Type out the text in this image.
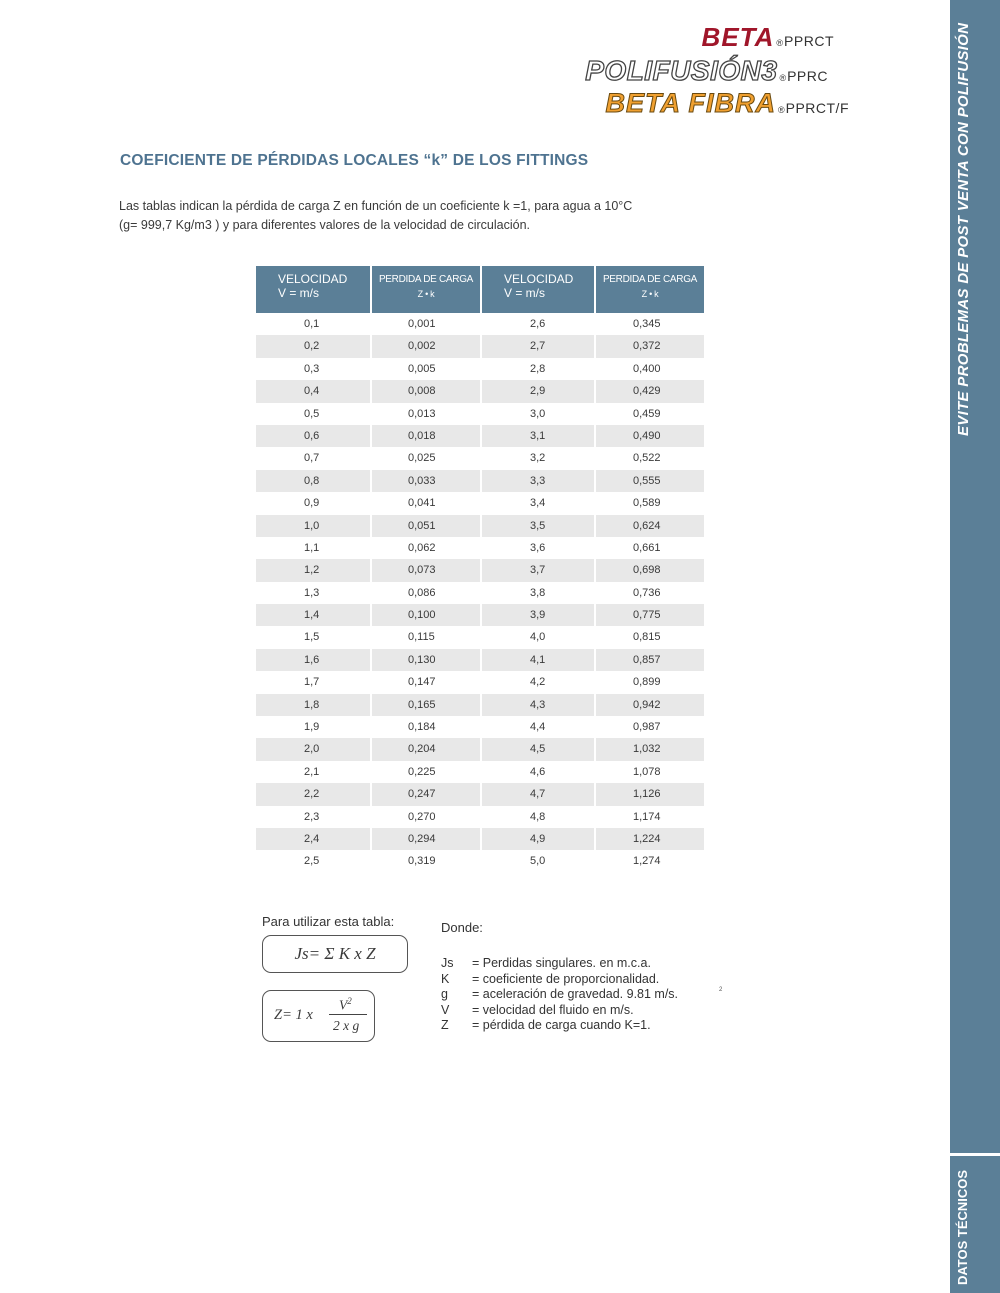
EVITE PROBLEMAS DE POST VENTA CON POLIFUSIÓN
DATOS TÉCNICOS
BETA ® PPRCT
POLIFUSIÓN3 ® PPRC
BETA FIBRA ® PPRCT/F
COEFICIENTE DE PÉRDIDAS LOCALES “k” DE LOS FITTINGS

Las tablas indican la pérdida de carga Z en función de un coeficiente k =1, para agua a 10°C

(g= 999,7 Kg/m3 ) y para diferentes valores de la velocidad de circulación.

VELOCIDAD
V = m/s
PERDIDA DE CARGA
Z • k
VELOCIDAD
V = m/s
PERDIDA DE CARGA
Z • k
0,1	0,001	2,6	0,345
0,2	0,002	2,7	0,372
0,3	0,005	2,8	0,400
0,4	0,008	2,9	0,429
0,5	0,013	3,0	0,459
0,6	0,018	3,1	0,490
0,7	0,025	3,2	0,522
0,8	0,033	3,3	0,555
0,9	0,041	3,4	0,589
1,0	0,051	3,5	0,624
1,1	0,062	3,6	0,661
1,2	0,073	3,7	0,698
1,3	0,086	3,8	0,736
1,4	0,100	3,9	0,775
1,5	0,115	4,0	0,815
1,6	0,130	4,1	0,857
1,7	0,147	4,2	0,899
1,8	0,165	4,3	0,942
1,9	0,184	4,4	0,987
2,0	0,204	4,5	1,032
2,1	0,225	4,6	1,078
2,2	0,247	4,7	1,126
2,3	0,270	4,8	1,174
2,4	0,294	4,9	1,224
2,5	0,319	5,0	1,274
Para utilizar esta tabla:
Js= Σ K x Z
Z= 1 x
$V^2$
2 x g
Donde:
2
Js	= Perdidas singulares. en m.c.a.
K	= coeficiente de proporcionalidad.
g	= aceleración de gravedad. 9.81 m/s.
V	= velocidad del fluido en m/s.
Z	= pérdida de carga cuando K=1.
